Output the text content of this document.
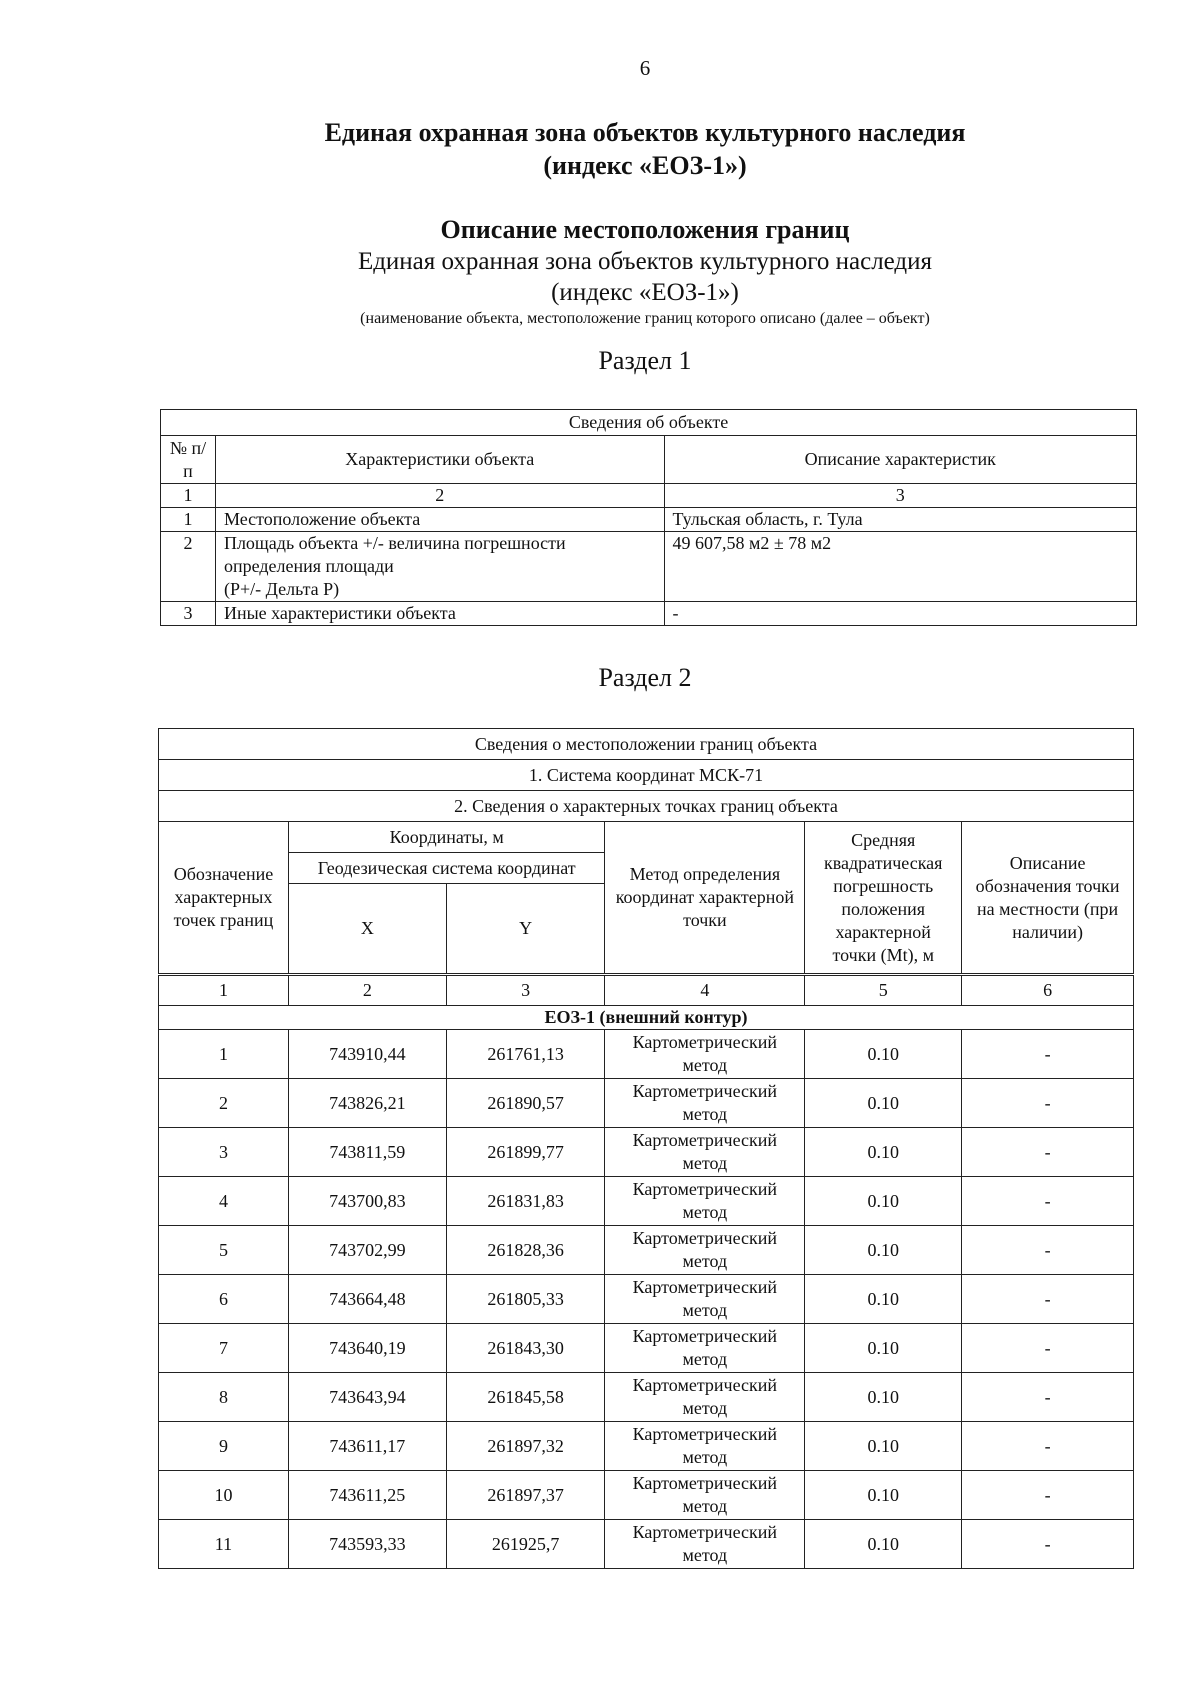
6
Единая охранная зона объектов культурного наследия
(индекс «ЕОЗ-1»)
Описание местоположения границ
Единая охранная зона объектов культурного наследия
(индекс «ЕОЗ-1»)
(наименование объекта, местоположение границ которого описано (далее – объект)
Раздел 1
Сведения об объекте		
№ п/п	Характеристики объекта	Описание характеристик
1	2	3
1	Местоположение объекта	Тульская область, г. Тула
2	Площадь объекта +/- величина погрешности
определения площади
(P+/- Дельта P)	49 607,58 м2 ± 78 м2
3	Иные характеристики объекта	-
Раздел 2
Сведения о местоположении границ объекта					
1. Система координат МСК-71					
2. Сведения о характерных точках границ объекта					
Обозначение характерных точек границ	Координаты, м		Метод определения координат характерной точки	Средняя квадратическая погрешность положения характерной точки (Mt), м	Описание обозначения точки на местности (при наличии)
	Геодезическая система координат				
	X	Y			
1	2	3	4	5	6
ЕОЗ-1 (внешний контур)					
1	743910,44	261761,13	Картометрический
метод	0.10	-
2	743826,21	261890,57	Картометрический
метод	0.10	-
3	743811,59	261899,77	Картометрический
метод	0.10	-
4	743700,83	261831,83	Картометрический
метод	0.10	-
5	743702,99	261828,36	Картометрический
метод	0.10	-
6	743664,48	261805,33	Картометрический
метод	0.10	-
7	743640,19	261843,30	Картометрический
метод	0.10	-
8	743643,94	261845,58	Картометрический
метод	0.10	-
9	743611,17	261897,32	Картометрический
метод	0.10	-
10	743611,25	261897,37	Картометрический
метод	0.10	-
11	743593,33	261925,7	Картометрический
метод	0.10	-
